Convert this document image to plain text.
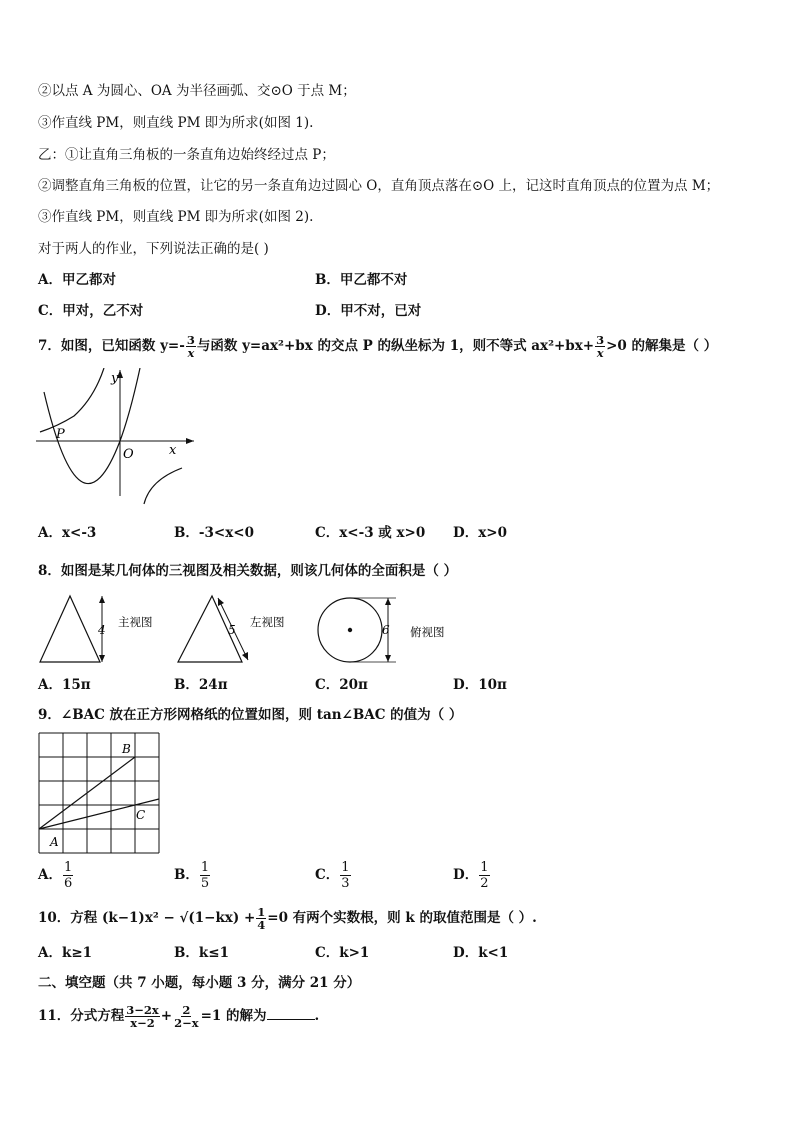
②以点 A 为圆心、OA 为半径画弧、交⊙O 于点 M；
③作直线 PM，则直线 PM 即为所求(如图 1).
乙：①让直角三角板的一条直角边始终经过点 P；
②调整直角三角板的位置，让它的另一条直角边过圆心 O，直角顶点落在⊙O 上，记这时直角顶点的位置为点 M；
③作直线 PM，则直线 PM 即为所求(如图 2).
对于两人的作业，下列说法正确的是( )
A．甲乙都对	B．甲乙都不对
C．甲对，乙不对	D．甲不对，已对
7．如图，已知函数 $y=- \frac{3}{x}$ 与函数 y=ax²+bx 的交点 P 的纵坐标为 1，则不等式 $ax^2+bx+ \frac{3}{x} >0$ 的解集是（ ）
y
x
O
P
A．x<-3	B．-3<x<0	C．x<-3 或 x>0 D．x>0
8．如图是某几何体的三视图及相关数据，则该几何体的全面积是（ ）
4
主视图
5
左视图
6 俯视图
A．15π	B．24π	C．20π	D．10π
9．∠BAC 放在正方形网格纸的位置如图，则 tan∠BAC 的值为（ ）
A
B
C
A． $\frac{1}{6}$	B． $\frac{1}{5}$	C． $\frac{1}{3}$	D． $\frac{1}{2}$
10．方程 $(k-1)x^2 - √(1-kx) + \frac{1}{4} =0$ 有两个实数根，则 k 的取值范围是（ ）.
A．k≥1	B．k≤1	C．k>1	D．k<1
二、填空题（共 7 小题，每小题 3 分，满分 21 分）
11．分式方程 $\frac{3-2x}{x-2} + \frac{2}{2-x} =1$ 的解为	.
